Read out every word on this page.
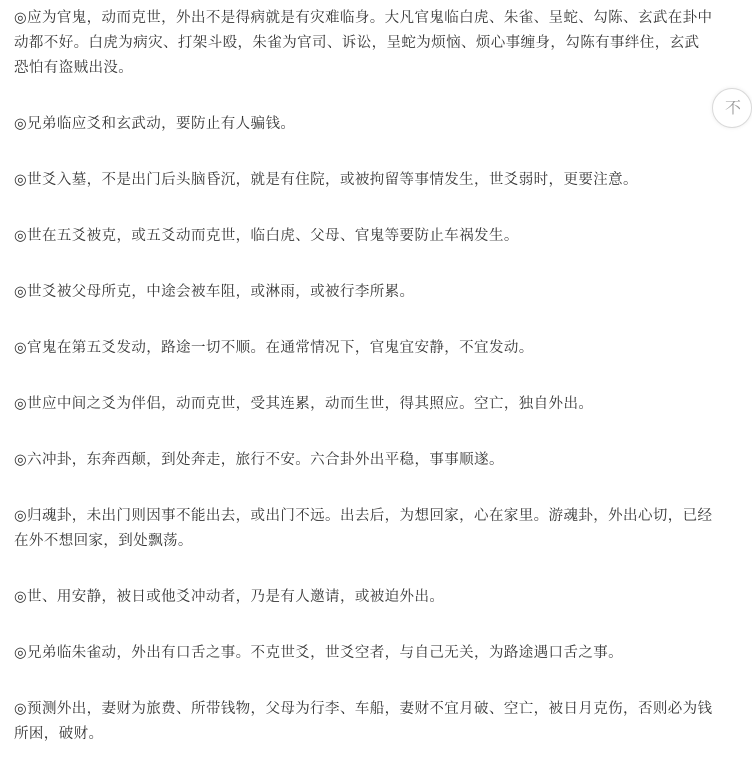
◎应为官鬼，动而克世，外出不是得病就是有灾难临身。大凡官鬼临白虎、朱雀、呈蛇、勾陈、玄武在卦中动都不好。白虎为病灾、打架斗殴，朱雀为官司、诉讼，呈蛇为烦恼、烦心事缠身，勾陈有事绊住，玄武恐怕有盗贼出没。

◎兄弟临应爻和玄武动，要防止有人骗钱。

◎世爻入墓，不是出门后头脑昏沉，就是有住院，或被拘留等事情发生，世爻弱时，更要注意。

◎世在五爻被克，或五爻动而克世，临白虎、父母、官鬼等要防止车祸发生。

◎世爻被父母所克，中途会被车阻，或淋雨，或被行李所累。

◎官鬼在第五爻发动，路途一切不顺。在通常情况下，官鬼宜安静，不宜发动。

◎世应中间之爻为伴侣，动而克世，受其连累，动而生世，得其照应。空亡，独自外出。

◎六冲卦，东奔西颠，到处奔走，旅行不安。六合卦外出平稳，事事顺遂。

◎归魂卦，未出门则因事不能出去，或出门不远。出去后，为想回家，心在家里。游魂卦，外出心切，已经在外不想回家，到处飘荡。

◎世、用安静，被日或他爻冲动者，乃是有人邀请，或被迫外出。

◎兄弟临朱雀动，外出有口舌之事。不克世爻，世爻空者，与自己无关，为路途遇口舌之事。

◎预测外出，妻财为旅费、所带钱物，父母为行李、车船，妻财不宜月破、空亡，被日月克伤，否则必为钱所困，破财。

不
